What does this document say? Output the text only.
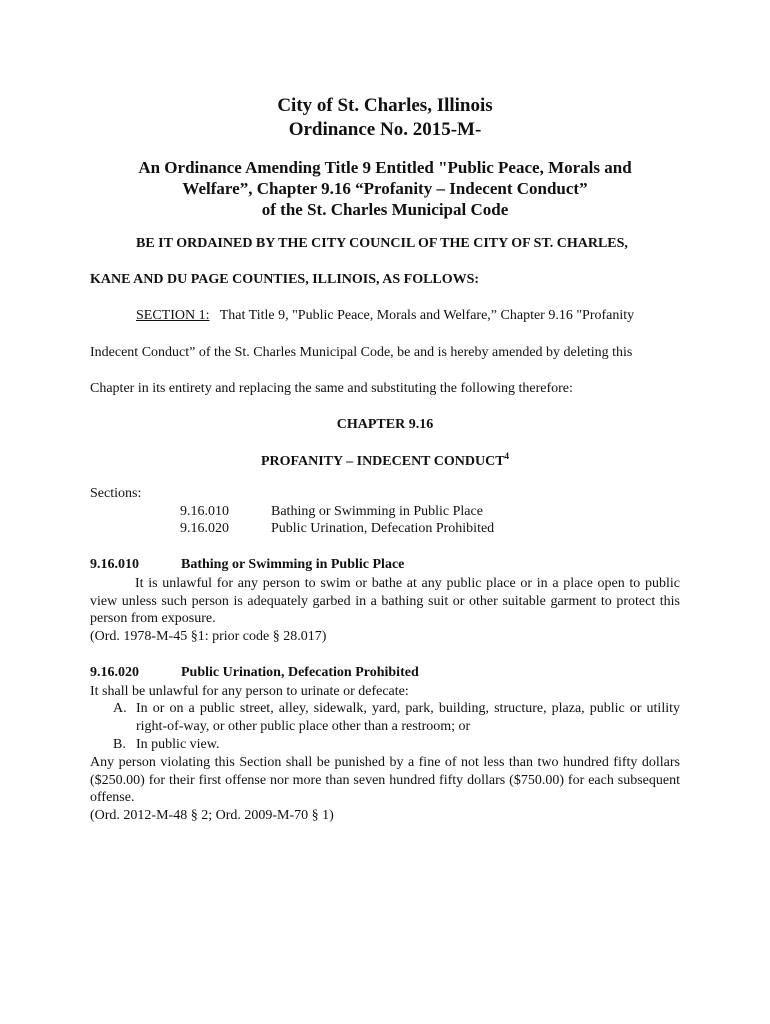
City of St. Charles, Illinois
Ordinance No. 2015-M-
An Ordinance Amending Title 9 Entitled "Public Peace, Morals and
Welfare”, Chapter 9.16 “Profanity – Indecent Conduct”
of the St. Charles Municipal Code
BE IT ORDAINED BY THE CITY COUNCIL OF THE CITY OF ST. CHARLES,
KANE AND DU PAGE COUNTIES, ILLINOIS, AS FOLLOWS:
SECTION 1:   That Title 9, "Public Peace, Morals and Welfare,” Chapter 9.16 "Profanity
Indecent Conduct” of the St. Charles Municipal Code, be and is hereby amended by deleting this
Chapter in its entirety and replacing the same and substituting the following therefore:
CHAPTER 9.16
PROFANITY – INDECENT CONDUCT$^4$
Sections:
9.16.010	Bathing or Swimming in Public Place
9.16.020	Public Urination, Defecation Prohibited
9.16.010	Bathing or Swimming in Public Place
It is unlawful for any person to swim or bathe at any public place or in a place open to public view unless such person is adequately garbed in a bathing suit or other suitable garment to protect this person from exposure.
(Ord. 1978-M-45 §1: prior code § 28.017)
9.16.020	Public Urination, Defecation Prohibited
It shall be unlawful for any person to urinate or defecate:
A. In or on a public street, alley, sidewalk, yard, park, building, structure, plaza, public or utility right-of-way, or other public place other than a restroom; or
B. In public view.
Any person violating this Section shall be punished by a fine of not less than two hundred fifty dollars ($250.00) for their first offense nor more than seven hundred fifty dollars ($750.00) for each subsequent offense.
(Ord. 2012-M-48 § 2; Ord. 2009-M-70 § 1)
